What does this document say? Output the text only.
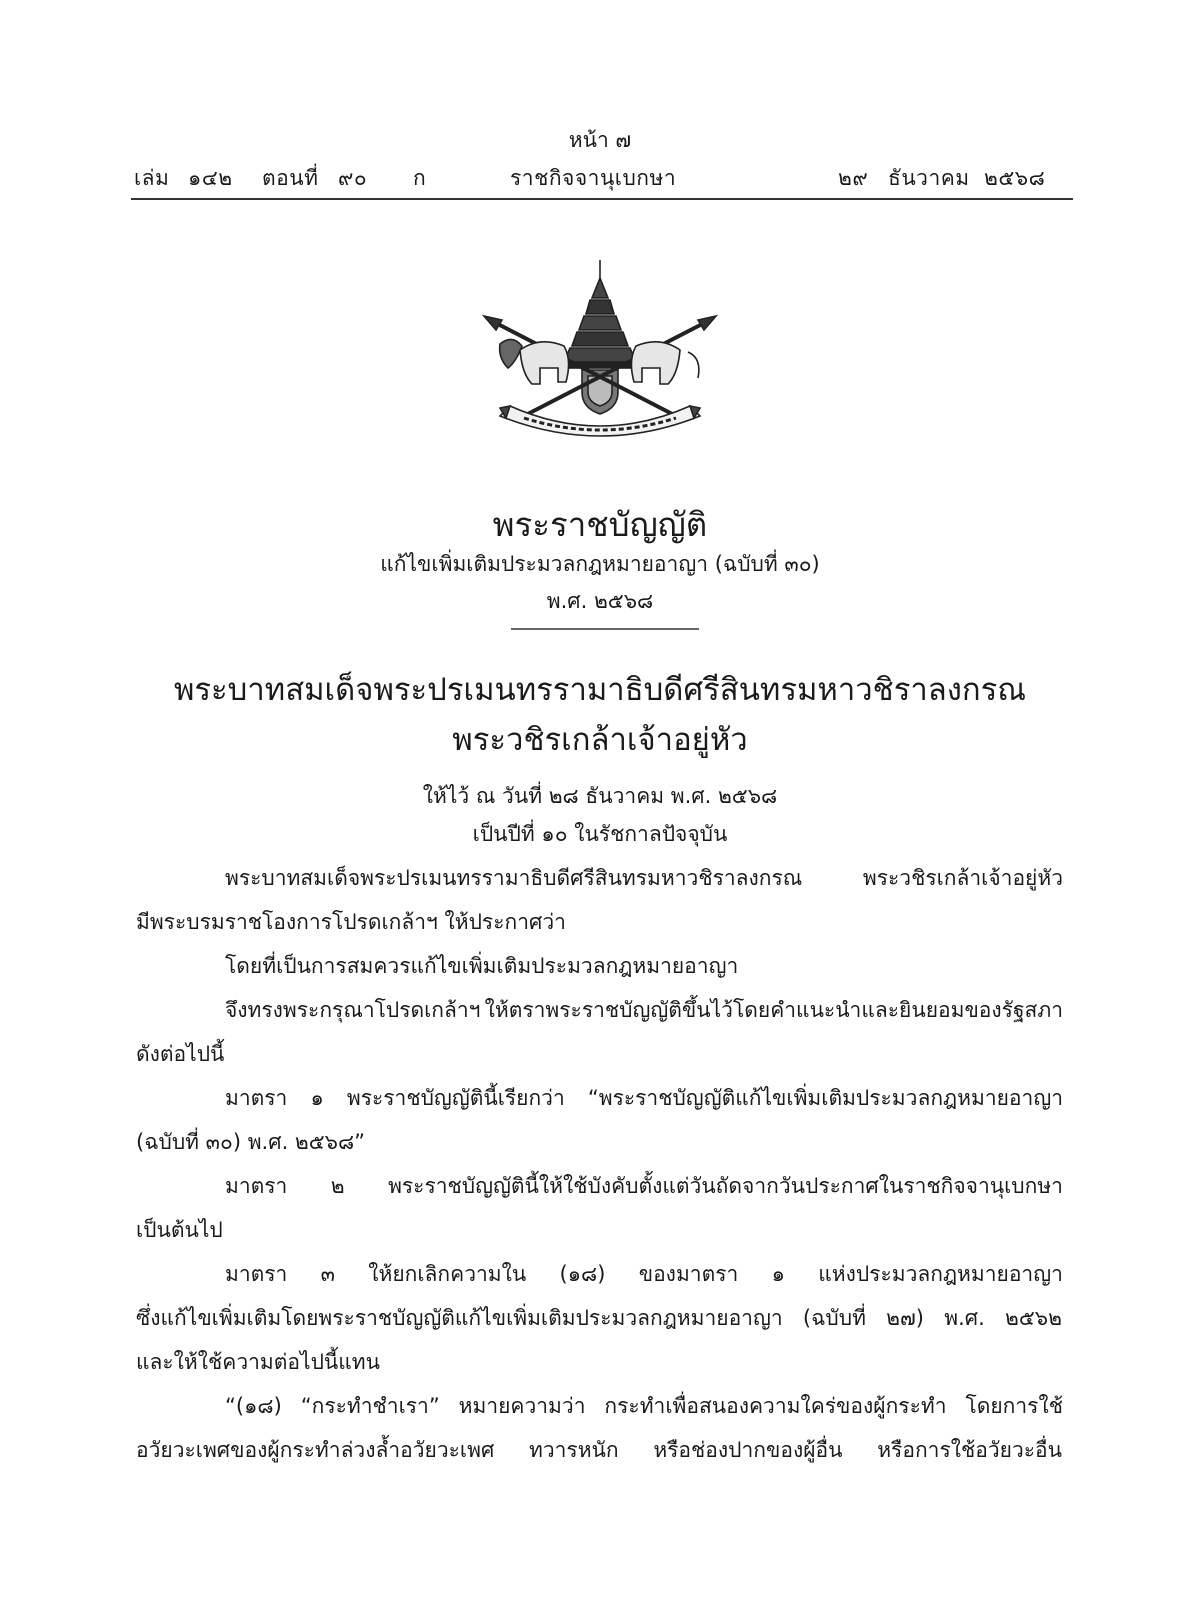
หน้า ๗
เล่ม ๑๔๒ ตอนที่ ๙๐ ก	ราชกิจจานุเบกษา	๒๙ ธันวาคม ๒๕๖๘
พระราชบัญญัติ
แก้ไขเพิ่มเติมประมวลกฎหมายอาญา (ฉบับที่ ๓๐)
พ.ศ. ๒๕๖๘
พระบาทสมเด็จพระปรเมนทรรามาธิบดีศรีสินทรมหาวชิราลงกรณ
พระวชิรเกล้าเจ้าอยู่หัว
ให้ไว้ ณ วันที่ ๒๘ ธันวาคม พ.ศ. ๒๕๖๘
เป็นปีที่ ๑๐ ในรัชกาลปัจจุบัน
พระบาทสมเด็จพระปรเมนทรรามาธิบดีศรีสินทรมหาวชิราลงกรณ	พระวชิรเกล้าเจ้าอยู่หัว
มีพระบรมราชโองการโปรดเกล้าฯ ให้ประกาศว่า
โดยที่เป็นการสมควรแก้ไขเพิ่มเติมประมวลกฎหมายอาญา
จึงทรงพระกรุณาโปรดเกล้าฯ ให้ตราพระราชบัญญัติขึ้นไว้โดยคำแนะนำและยินยอมของรัฐสภา
ดังต่อไปนี้
มาตรา ๑ พระราชบัญญัตินี้เรียกว่า “พระราชบัญญัติแก้ไขเพิ่มเติมประมวลกฎหมายอาญา
(ฉบับที่ ๓๐) พ.ศ. ๒๕๖๘”
มาตรา ๒ พระราชบัญญัตินี้ให้ใช้บังคับตั้งแต่วันถัดจากวันประกาศในราชกิจจานุเบกษา
เป็นต้นไป
มาตรา ๓ ให้ยกเลิกความใน (๑๘) ของมาตรา ๑ แห่งประมวลกฎหมายอาญา
ซึ่งแก้ไขเพิ่มเติมโดยพระราชบัญญัติแก้ไขเพิ่มเติมประมวลกฎหมายอาญา (ฉบับที่ ๒๗) พ.ศ. ๒๕๖๒
และให้ใช้ความต่อไปนี้แทน
“(๑๘) “กระทำชำเรา” หมายความว่า กระทำเพื่อสนองความใคร่ของผู้กระทำ โดยการใช้
อวัยวะเพศของผู้กระทำล่วงล้ำอวัยวะเพศ ทวารหนัก หรือช่องปากของผู้อื่น หรือการใช้อวัยวะอื่น
